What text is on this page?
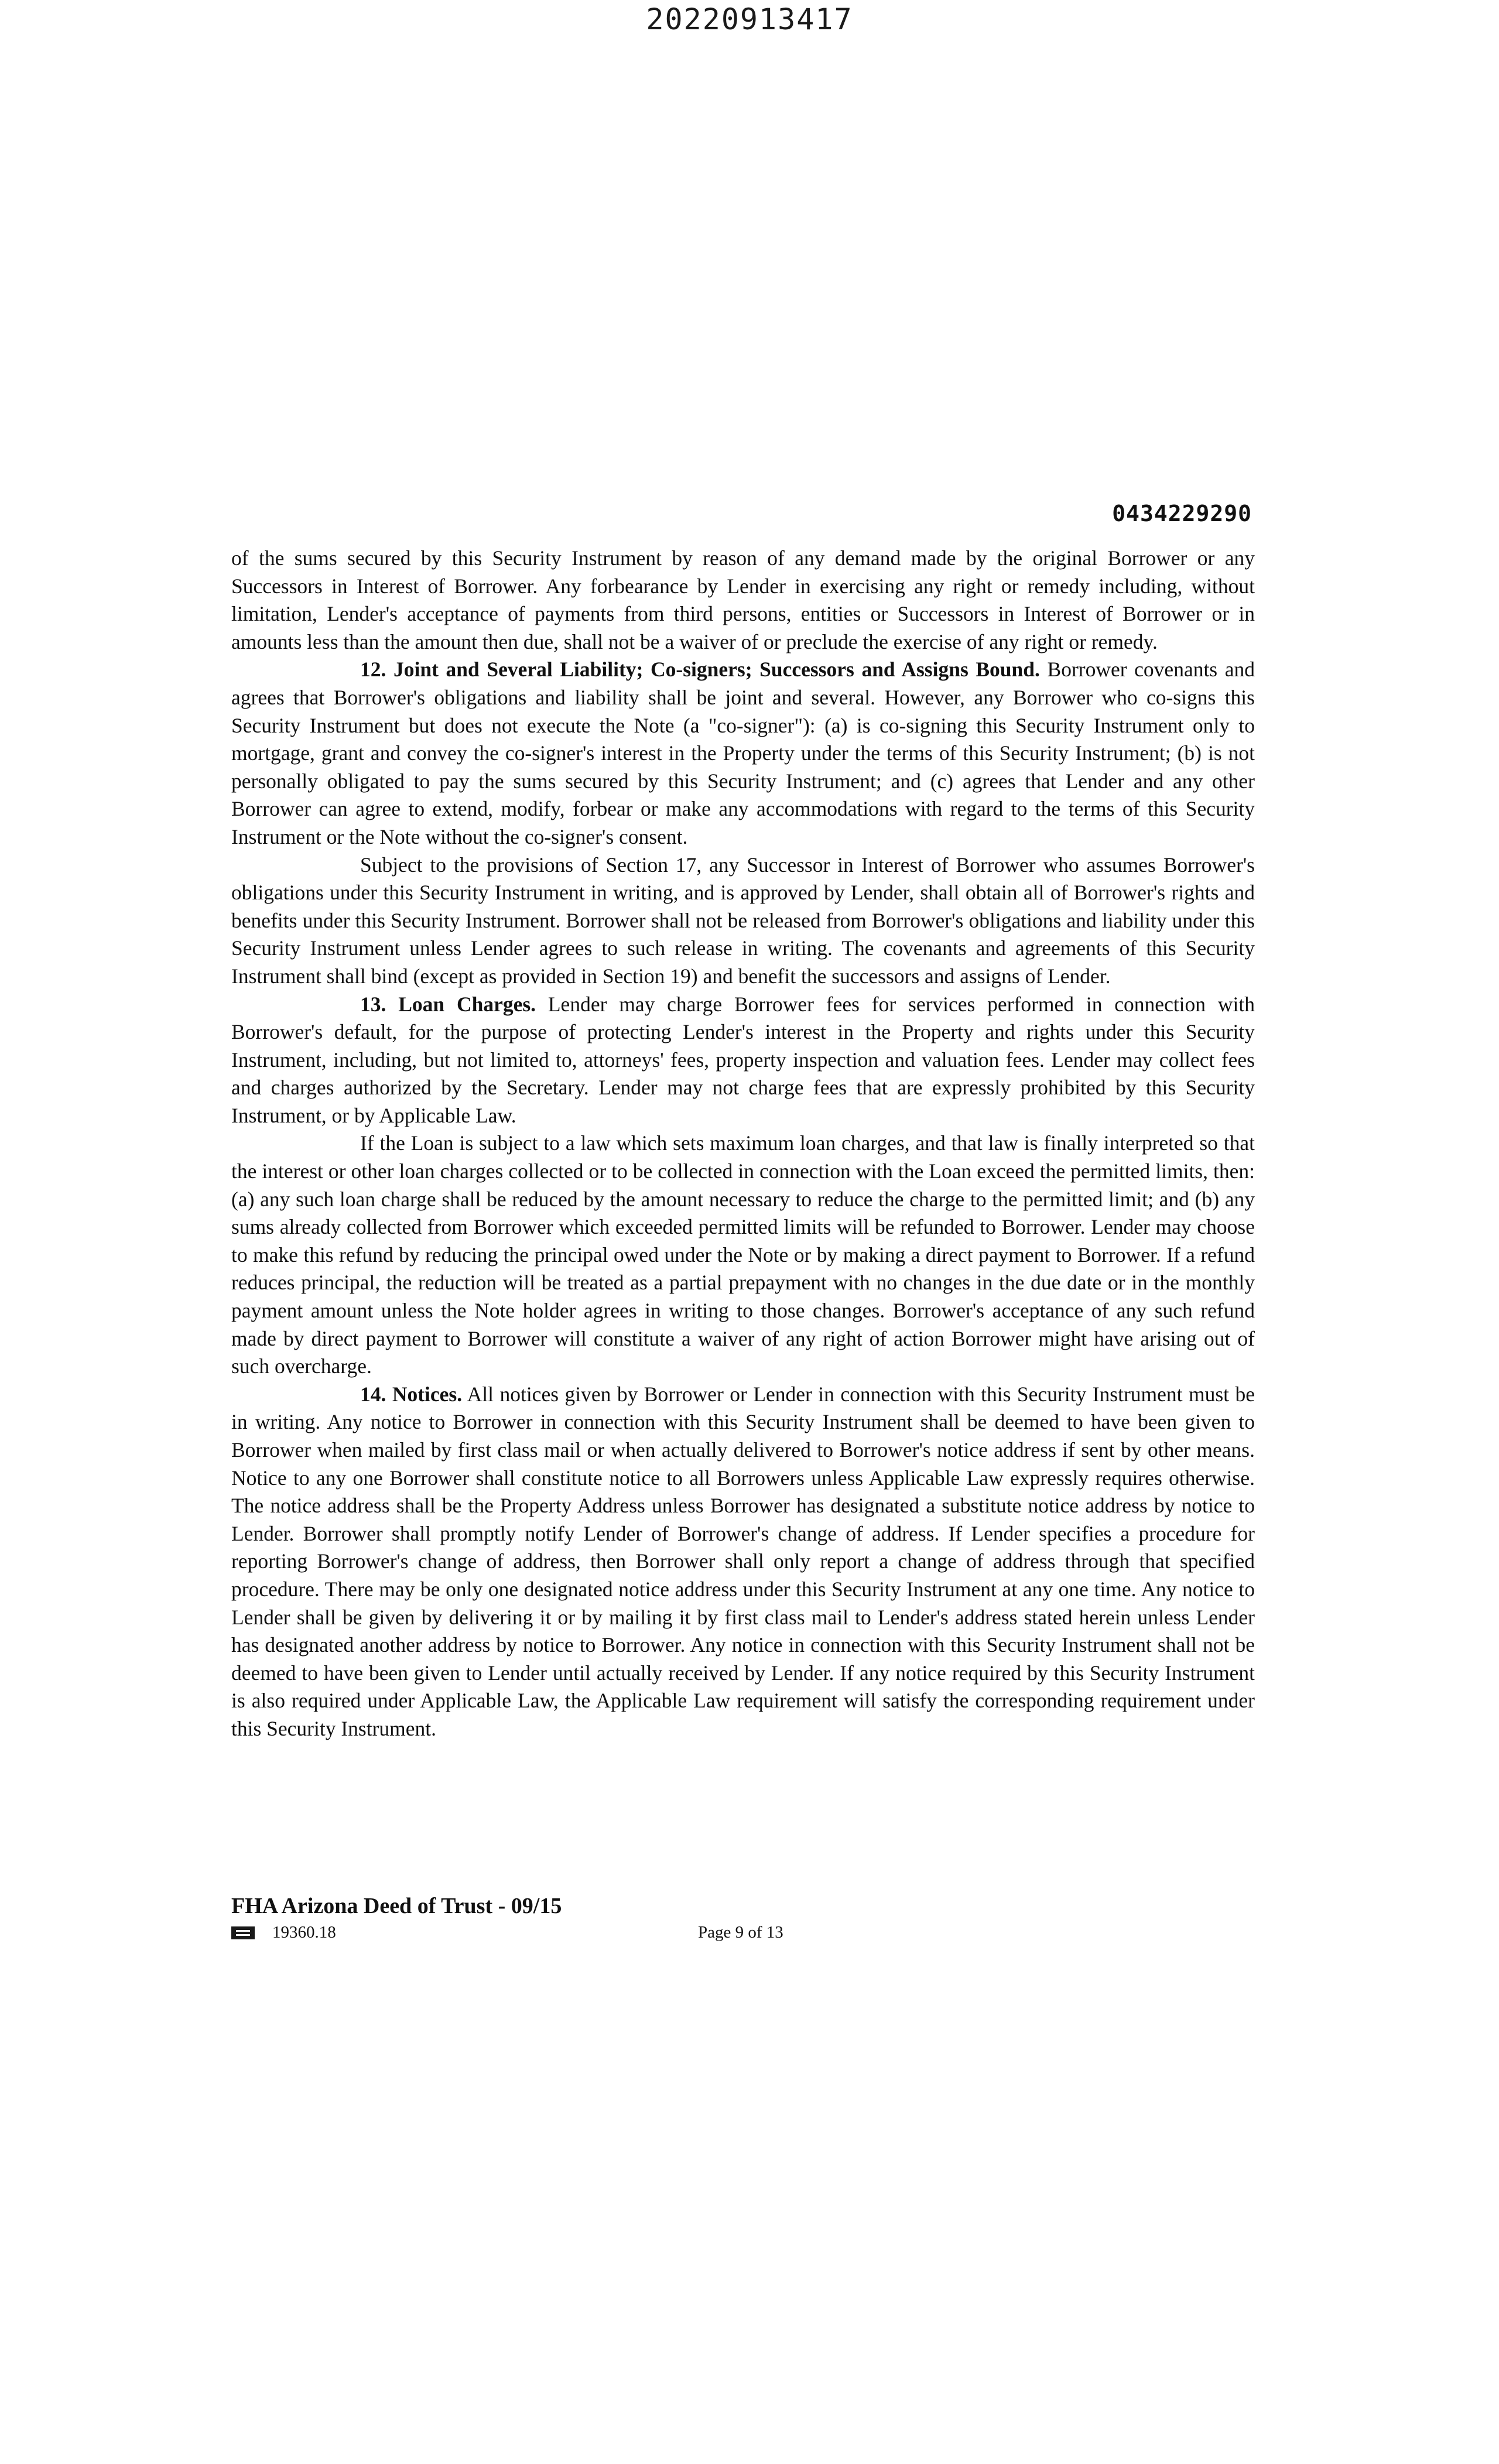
20220913417
0434229290

of the sums secured by this Security Instrument by reason of any demand made by the original Borrower or any Successors in Interest of Borrower. Any forbearance by Lender in exercising any right or remedy including, without limitation, Lender's acceptance of payments from third persons, entities or Successors in Interest of Borrower or in amounts less than the amount then due, shall not be a waiver of or preclude the exercise of any right or remedy.

12. Joint and Several Liability; Co-signers; Successors and Assigns Bound. Borrower covenants and agrees that Borrower's obligations and liability shall be joint and several. However, any Borrower who co-signs this Security Instrument but does not execute the Note (a "co-signer"): (a) is co-signing this Security Instrument only to mortgage, grant and convey the co-signer's interest in the Property under the terms of this Security Instrument; (b) is not personally obligated to pay the sums secured by this Security Instrument; and (c) agrees that Lender and any other Borrower can agree to extend, modify, forbear or make any accommodations with regard to the terms of this Security Instrument or the Note without the co-signer's consent.

Subject to the provisions of Section 17, any Successor in Interest of Borrower who assumes Borrower's obligations under this Security Instrument in writing, and is approved by Lender, shall obtain all of Borrower's rights and benefits under this Security Instrument. Borrower shall not be released from Borrower's obligations and liability under this Security Instrument unless Lender agrees to such release in writing. The covenants and agreements of this Security Instrument shall bind (except as provided in Section 19) and benefit the successors and assigns of Lender.

13. Loan Charges. Lender may charge Borrower fees for services performed in connection with Borrower's default, for the purpose of protecting Lender's interest in the Property and rights under this Security Instrument, including, but not limited to, attorneys' fees, property inspection and valuation fees. Lender may collect fees and charges authorized by the Secretary. Lender may not charge fees that are expressly prohibited by this Security Instrument, or by Applicable Law.

If the Loan is subject to a law which sets maximum loan charges, and that law is finally interpreted so that the interest or other loan charges collected or to be collected in connection with the Loan exceed the permitted limits, then: (a) any such loan charge shall be reduced by the amount necessary to reduce the charge to the permitted limit; and (b) any sums already collected from Borrower which exceeded permitted limits will be refunded to Borrower. Lender may choose to make this refund by reducing the principal owed under the Note or by making a direct payment to Borrower. If a refund reduces principal, the reduction will be treated as a partial prepayment with no changes in the due date or in the monthly payment amount unless the Note holder agrees in writing to those changes. Borrower's acceptance of any such refund made by direct payment to Borrower will constitute a waiver of any right of action Borrower might have arising out of such overcharge.

14. Notices. All notices given by Borrower or Lender in connection with this Security Instrument must be in writing. Any notice to Borrower in connection with this Security Instrument shall be deemed to have been given to Borrower when mailed by first class mail or when actually delivered to Borrower's notice address if sent by other means. Notice to any one Borrower shall constitute notice to all Borrowers unless Applicable Law expressly requires otherwise. The notice address shall be the Property Address unless Borrower has designated a substitute notice address by notice to Lender. Borrower shall promptly notify Lender of Borrower's change of address. If Lender specifies a procedure for reporting Borrower's change of address, then Borrower shall only report a change of address through that specified procedure. There may be only one designated notice address under this Security Instrument at any one time. Any notice to Lender shall be given by delivering it or by mailing it by first class mail to Lender's address stated herein unless Lender has designated another address by notice to Borrower. Any notice in connection with this Security Instrument shall not be deemed to have been given to Lender until actually received by Lender. If any notice required by this Security Instrument is also required under Applicable Law, the Applicable Law requirement will satisfy the corresponding requirement under this Security Instrument.

FHA Arizona Deed of Trust - 09/15
19360.18	Page 9 of 13
